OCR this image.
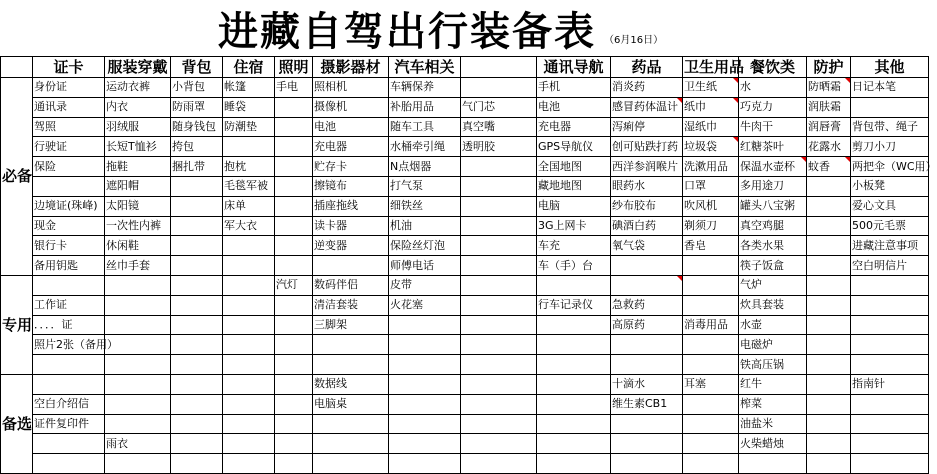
进藏自驾出行装备表 （6月16日）
	证卡	服装穿戴	背包	住宿	照明	摄影器材	汽车相关		通讯导航	药品	卫生用品	餐饮类	防护	其他
必备	身份证	运动衣裤	小背包	帐篷	手电	照相机	车辆保养		手机	消炎药	卫生纸	水	防晒霜	日记本笔
	通讯录	内衣	防雨罩	睡袋		摄像机	补胎用品	气门芯	电池	感冒药体温计	纸巾	巧克力	润肤霜	
	驾照	羽绒服	随身钱包	防潮垫		电池	随车工具	真空嘴	充电器	泻痢停	湿纸巾	牛肉干	润唇膏	背包带、绳子
	行驶证	长短T恤衫	挎包			充电器	水桶牵引绳	透明胶	GPS导航仪	创可贴跌打药	垃圾袋	红糖茶叶	花露水	剪刀小刀
	保险	拖鞋	捆扎带	抱枕		贮存卡	N点烟器		全国地图	西洋参润喉片	洗漱用品	保温水壶杯	蚊香	两把伞（WC用）
		遮阳帽		毛毯军被		擦镜布	打气泵		藏地地图	眼药水	口罩	多用途刀		小板凳
	边境证(珠峰)	太阳镜		床单		插座拖线	细铁丝		电脑	纱布胶布	吹风机	罐头八宝粥		爱心文具
	现金	一次性内裤		军大衣		读卡器	机油		3G上网卡	碘酒白药	剃须刀	真空鸡腿		500元毛票
	银行卡	休闲鞋				逆变器	保险丝灯泡		车充	氧气袋	香皂	各类水果		进藏注意事项
	备用钥匙	丝巾手套					师傅电话		车（手）台			筷子饭盒		空白明信片
专用					汽灯	数码伴侣	皮带					气炉		
	工作证					清洁套装	火花塞		行车记录仪	急救药		炊具套装		
	．．．．证					三脚架				高原药	消毒用品	水壶		
	照片2张（备用）											电磁炉		
												铁高压锅		
备选						数据线				十滴水	耳塞	红牛		指南针
	空白介绍信					电脑桌				维生素CB1		榨菜		
	证件复印件											油盐米		
		雨衣										火柴蜡烛		
